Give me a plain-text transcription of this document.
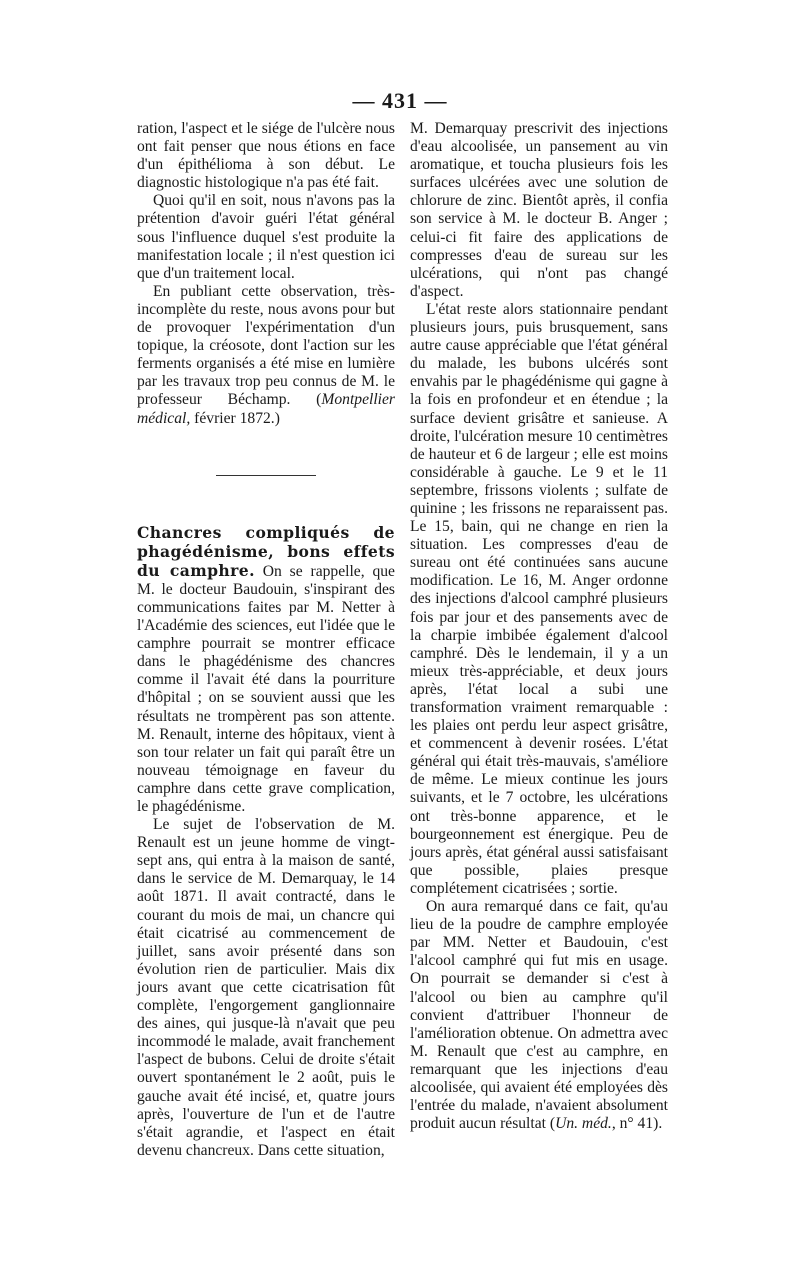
— 431 —

ration, l'aspect et le siége de l'ulcère nous ont fait penser que nous étions en face d'un épithélioma à son début. Le diagnostic histologique n'a pas été fait.

Quoi qu'il en soit, nous n'avons pas la prétention d'avoir guéri l'état général sous l'influence duquel s'est produite la manifestation locale ; il n'est question ici que d'un traitement local.

En publiant cette observation, très-incomplète du reste, nous avons pour but de provoquer l'expérimentation d'un topique, la créosote, dont l'action sur les ferments organisés a été mise en lumière par les travaux trop peu connus de M. le professeur Béchamp. (Montpellier médical, février 1872.)

Chancres compliqués de phagédénisme, bons effets du camphre. On se rappelle, que M. le docteur Baudouin, s'inspirant des communications faites par M. Netter à l'Académie des sciences, eut l'idée que le camphre pourrait se montrer efficace dans le phagédénisme des chancres comme il l'avait été dans la pourriture d'hôpital ; on se souvient aussi que les résultats ne trompèrent pas son attente. M. Renault, interne des hôpitaux, vient à son tour relater un fait qui paraît être un nouveau témoignage en faveur du camphre dans cette grave complication, le phagédénisme.

Le sujet de l'observation de M. Renault est un jeune homme de vingt-sept ans, qui entra à la maison de santé, dans le service de M. Demarquay, le 14 août 1871. Il avait contracté, dans le courant du mois de mai, un chancre qui était cicatrisé au commencement de juillet, sans avoir présenté dans son évolution rien de particulier. Mais dix jours avant que cette cicatrisation fût complète, l'engorgement ganglionnaire des aines, qui jusque-là n'avait que peu incommodé le malade, avait franchement l'aspect de bubons. Celui de droite s'était ouvert spontanément le 2 août, puis le gauche avait été incisé, et, quatre jours après, l'ouverture de l'un et de l'autre s'était agrandie, et l'aspect en était devenu chancreux. Dans cette situation,

M. Demarquay prescrivit des injections d'eau alcoolisée, un pansement au vin aromatique, et toucha plusieurs fois les surfaces ulcérées avec une solution de chlorure de zinc. Bientôt après, il confia son service à M. le docteur B. Anger ; celui-ci fit faire des applications de compresses d'eau de sureau sur les ulcérations, qui n'ont pas changé d'aspect.

L'état reste alors stationnaire pendant plusieurs jours, puis brusquement, sans autre cause appréciable que l'état général du malade, les bubons ulcérés sont envahis par le phagédénisme qui gagne à la fois en profondeur et en étendue ; la surface devient grisâtre et sanieuse. A droite, l'ulcération mesure 10 centimètres de hauteur et 6 de largeur ; elle est moins considérable à gauche. Le 9 et le 11 septembre, frissons violents ; sulfate de quinine ; les frissons ne reparaissent pas. Le 15, bain, qui ne change en rien la situation. Les compresses d'eau de sureau ont été continuées sans aucune modification. Le 16, M. Anger ordonne des injections d'alcool camphré plusieurs fois par jour et des pansements avec de la charpie imbibée également d'alcool camphré. Dès le lendemain, il y a un mieux très-appréciable, et deux jours après, l'état local a subi une transformation vraiment remarquable : les plaies ont perdu leur aspect grisâtre, et commencent à devenir rosées. L'état général qui était très-mauvais, s'améliore de même. Le mieux continue les jours suivants, et le 7 octobre, les ulcérations ont très-bonne apparence, et le bourgeonnement est énergique. Peu de jours après, état général aussi satisfaisant que possible, plaies presque complétement cicatrisées ; sortie.

On aura remarqué dans ce fait, qu'au lieu de la poudre de camphre employée par MM. Netter et Baudouin, c'est l'alcool camphré qui fut mis en usage. On pourrait se demander si c'est à l'alcool ou bien au camphre qu'il convient d'attribuer l'honneur de l'amélioration obtenue. On admettra avec M. Renault que c'est au camphre, en remarquant que les injections d'eau alcoolisée, qui avaient été employées dès l'entrée du malade, n'avaient absolument produit aucun résultat (Un. méd., n° 41).
